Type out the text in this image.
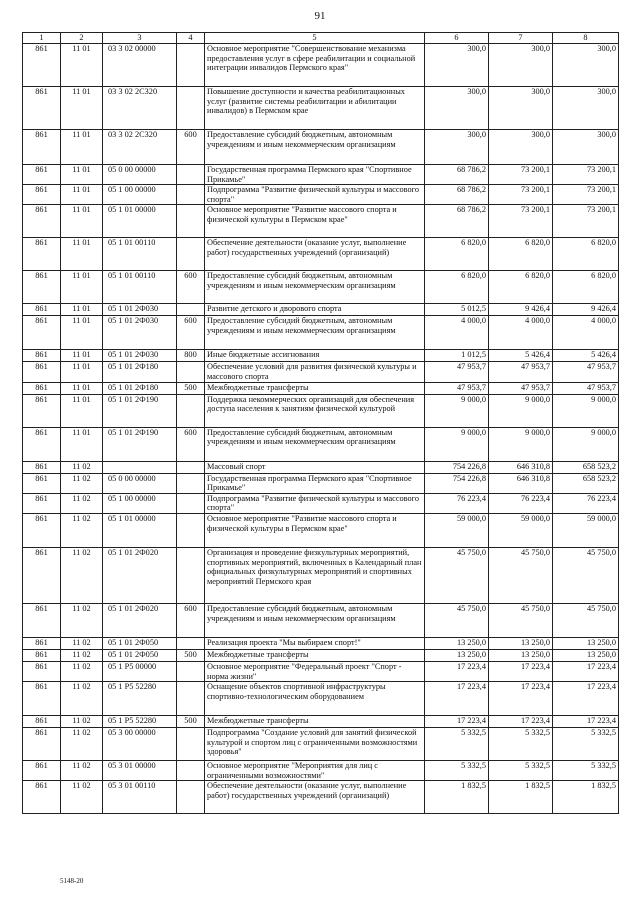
91
1	2	3	4	5	6	7	8
861	11 01	03 3 02 00000		Основное мероприятие "Совершенствование механизма предоставления услуг в сфере реабилитации и социальной интеграции инвалидов Пермского края"	300,0	300,0	300,0
861	11 01	03 3 02 2С320		Повышение доступности и качества реабилитационных услуг (развитие системы реабилитации и абилитации инвалидов) в Пермском крае	300,0	300,0	300,0
861	11 01	03 3 02 2С320	600	Предоставление субсидий бюджетным, автономным учреждениям и иным некоммерческим организациям	300,0	300,0	300,0
861	11 01	05 0 00 00000		Государственная программа Пермского края "Спортивное Прикамье"	68 786,2	73 200,1	73 200,1
861	11 01	05 1 00 00000		Подпрограмма "Развитие физической культуры и массового спорта"	68 786,2	73 200,1	73 200,1
861	11 01	05 1 01 00000		Основное мероприятие "Развитие массового спорта и физической культуры в Пермском крае"	68 786,2	73 200,1	73 200,1
861	11 01	05 1 01 00110		Обеспечение деятельности (оказание услуг, выполнение работ) государственных учреждений (организаций)	6 820,0	6 820,0	6 820,0
861	11 01	05 1 01 00110	600	Предоставление субсидий бюджетным, автономным учреждениям и иным некоммерческим организациям	6 820,0	6 820,0	6 820,0
861	11 01	05 1 01 2Ф030		Развитие детского и дворового спорта	5 012,5	9 426,4	9 426,4
861	11 01	05 1 01 2Ф030	600	Предоставление субсидий бюджетным, автономным учреждениям и иным некоммерческим организациям	4 000,0	4 000,0	4 000,0
861	11 01	05 1 01 2Ф030	800	Иные бюджетные ассигнования	1 012,5	5 426,4	5 426,4
861	11 01	05 1 01 2Ф180		Обеспечение условий для развития физической культуры и массового спорта	47 953,7	47 953,7	47 953,7
861	11 01	05 1 01 2Ф180	500	Межбюджетные трансферты	47 953,7	47 953,7	47 953,7
861	11 01	05 1 01 2Ф190		Поддержка некоммерческих организаций для обеспечения доступа населения к занятиям физической культурой	9 000,0	9 000,0	9 000,0
861	11 01	05 1 01 2Ф190	600	Предоставление субсидий бюджетным, автономным учреждениям и иным некоммерческим организациям	9 000,0	9 000,0	9 000,0
861	11 02			Массовый спорт	754 226,8	646 310,8	658 523,2
861	11 02	05 0 00 00000		Государственная программа Пермского края "Спортивное Прикамье"	754 226,8	646 310,8	658 523,2
861	11 02	05 1 00 00000		Подпрограмма "Развитие физической культуры и массового спорта"	76 223,4	76 223,4	76 223,4
861	11 02	05 1 01 00000		Основное мероприятие "Развитие массового спорта и физической культуры в Пермском крае"	59 000,0	59 000,0	59 000,0
861	11 02	05 1 01 2Ф020		Организация и проведение физкультурных мероприятий, спортивных мероприятий, включенных в Календарный план официальных физкультурных мероприятий и спортивных мероприятий Пермского края	45 750,0	45 750,0	45 750,0
861	11 02	05 1 01 2Ф020	600	Предоставление субсидий бюджетным, автономным учреждениям и иным некоммерческим организациям	45 750,0	45 750,0	45 750,0
861	11 02	05 1 01 2Ф050		Реализация проекта "Мы выбираем спорт!"	13 250,0	13 250,0	13 250,0
861	11 02	05 1 01 2Ф050	500	Межбюджетные трансферты	13 250,0	13 250,0	13 250,0
861	11 02	05 1 P5 00000		Основное мероприятие "Федеральный проект "Спорт - норма жизни"	17 223,4	17 223,4	17 223,4
861	11 02	05 1 P5 52280		Оснащение объектов спортивной инфраструктуры спортивно-технологическим оборудованием	17 223,4	17 223,4	17 223,4
861	11 02	05 1 P5 52280	500	Межбюджетные трансферты	17 223,4	17 223,4	17 223,4
861	11 02	05 3 00 00000		Подпрограмма "Создание условий для занятий физической культурой и спортом лиц с ограниченными возможностями здоровья"	5 332,5	5 332,5	5 332,5
861	11 02	05 3 01 00000		Основное мероприятие "Мероприятия для лиц с ограниченными возможностями"	5 332,5	5 332,5	5 332,5
861	11 02	05 3 01 00110		Обеспечение деятельности (оказание услуг, выполнение работ) государственных учреждений (организаций)	1 832,5	1 832,5	1 832,5
5148-20
